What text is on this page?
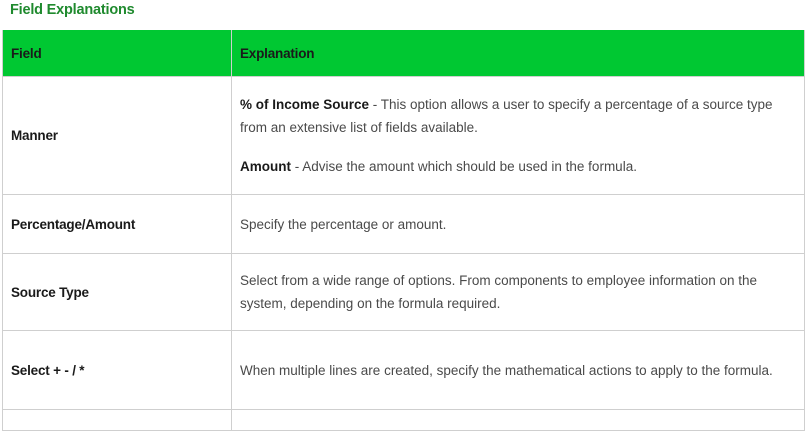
Field Explanations
Field	Explanation
Manner	% of Income Source - This option allows a user to specify a percentage of a source type from an extensive list of fields available.

Amount - Advise the amount which should be used in the formula.

Percentage/Amount	Specify the percentage or amount.
Source Type	Select from a wide range of options. From components to employee information on the system, depending on the formula required.
Select + - / *	When multiple lines are created, specify the mathematical actions to apply to the formula.
